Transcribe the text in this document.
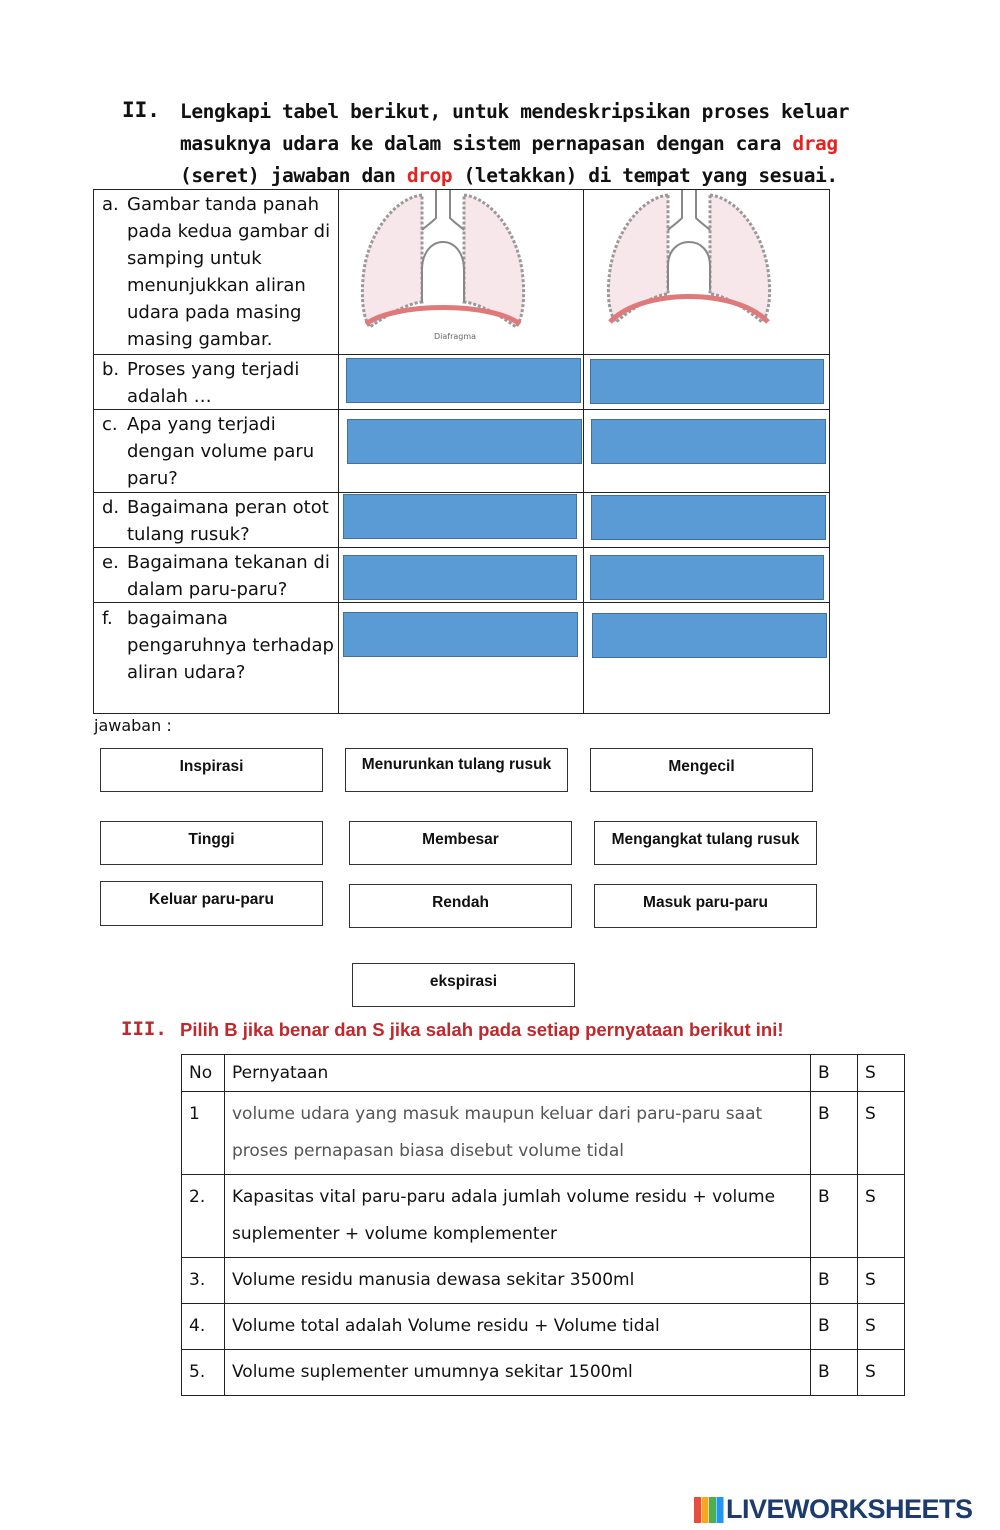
II. Lengkapi tabel berikut, untuk mendeskripsikan proses keluar masuknya udara ke dalam sistem pernapasan dengan cara drag (seret) jawaban dan drop (letakkan) di tempat yang sesuai.
a. Gambar tanda panah pada kedua gambar di samping untuk menunjukkan aliran udara pada masing masing gambar.
b. Proses yang terjadi adalah …
c. Apa yang terjadi dengan volume paru paru?
d. Bagaimana peran otot tulang rusuk?
e. Bagaimana tekanan di dalam paru-paru?
f. bagaimana pengaruhnya terhadap aliran udara?
Diafragma
jawaban :
Inspirasi	Menurunkan tulang rusuk	Mengecil
Tinggi	Membesar	Mengangkat tulang rusuk
Keluar paru-paru	Rendah	Masuk paru-paru
ekspirasi
III. Pilih B jika benar dan S jika salah pada setiap pernyataan berikut ini!
No	Pernyataan	B	S
1	volume udara yang masuk maupun keluar dari paru-paru saat proses pernapasan biasa disebut volume tidal	B	S
2.	Kapasitas vital paru-paru adala jumlah volume residu + volume suplementer + volume komplementer	B	S
3.	Volume residu manusia dewasa sekitar 3500ml	B	S
4.	Volume total adalah Volume residu + Volume tidal	B	S
5.	Volume suplementer umumnya sekitar 1500ml	B	S
LIVEWORKSHEETS
